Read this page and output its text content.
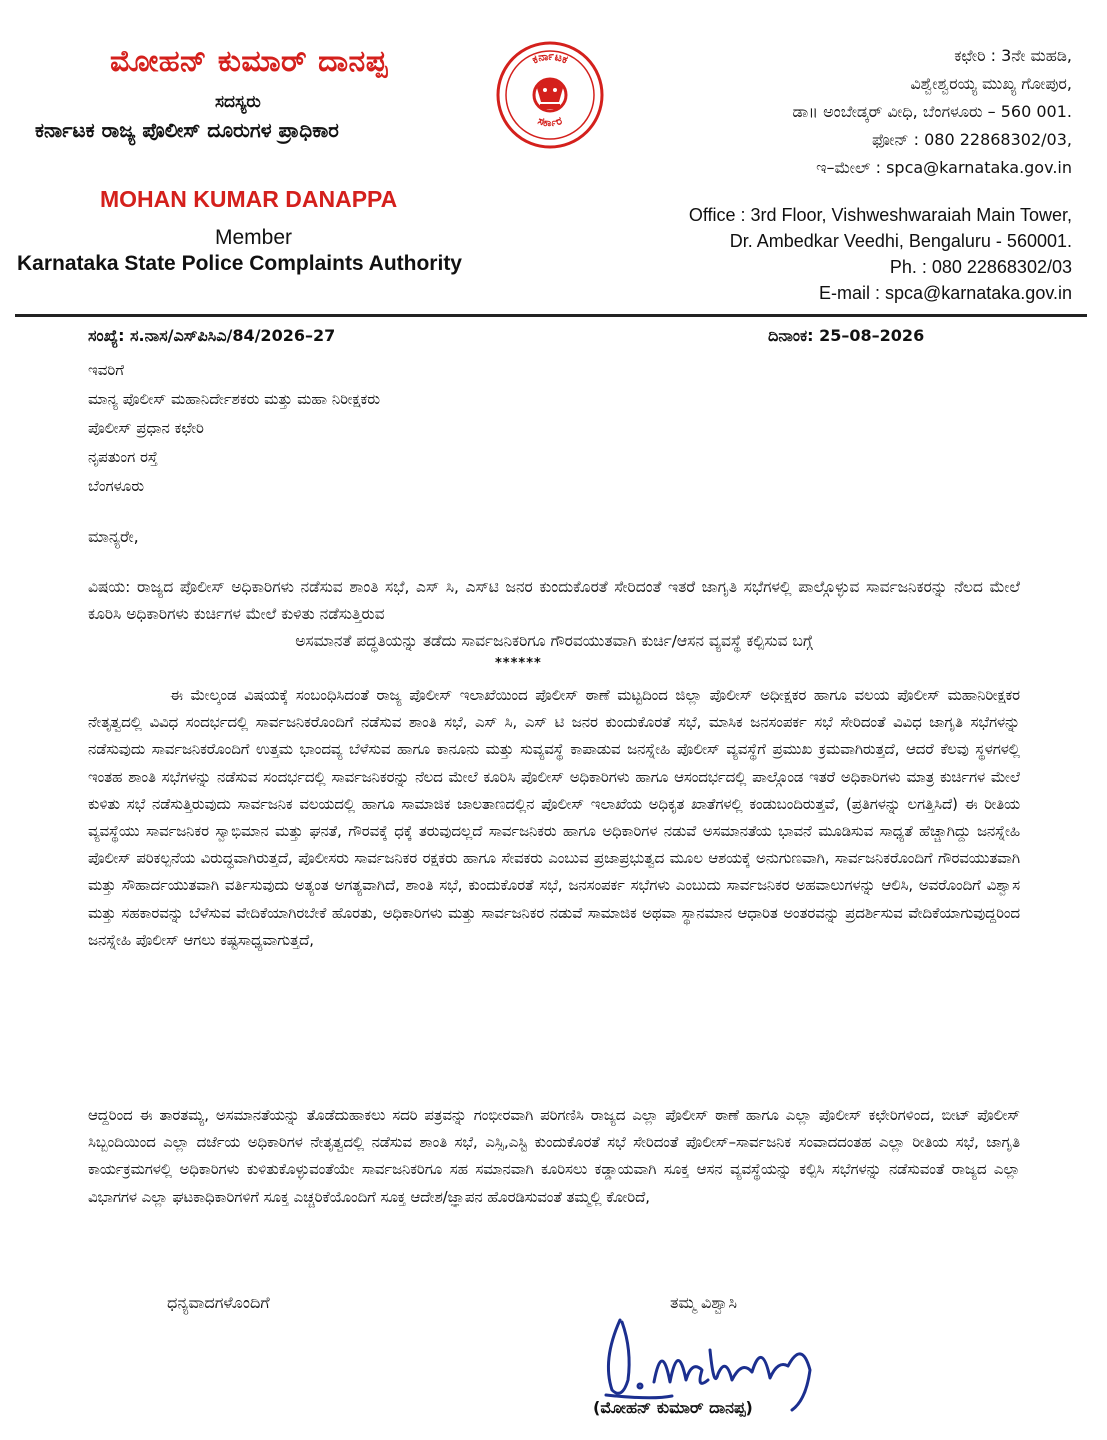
ಮೋಹನ್ ಕುಮಾರ್ ದಾನಪ್ಪ
ಸದಸ್ಯರು
ಕರ್ನಾಟಕ ರಾಜ್ಯ ಪೊಲೀಸ್ ದೂರುಗಳ ಪ್ರಾಧಿಕಾರ
MOHAN KUMAR DANAPPA
Member
Karnataka State Police Complaints Authority
ಕರ್ನಾಟಕ
ಸರ್ಕಾರ
ಕಛೇರಿ : 3ನೇ ಮಹಡಿ,
ವಿಶ್ವೇಶ್ವರಯ್ಯ ಮುಖ್ಯ ಗೋಪುರ,
ಡಾ॥ ಅಂಬೇಡ್ಕರ್ ವೀಧಿ, ಬೆಂಗಳೂರು – 560 001.
ಫೋನ್ : 080 22868302/03,
ಇ–ಮೇಲ್ : spca@karnataka.gov.in
Office : 3rd Floor, Vishweshwaraiah Main Tower,
Dr. Ambedkar Veedhi, Bengaluru - 560001.
Ph. : 080 22868302/03
E-mail : spca@karnataka.gov.in
ಸಂಖ್ಯೆ: ಸ.ನಾಸ/ಎಸ್‌ಪಿಸಿಎ/84/2026–27	ದಿನಾಂಕ: 25–08–2026
ಇವರಿಗೆ
ಮಾನ್ಯ ಪೊಲೀಸ್ ಮಹಾನಿರ್ದೇಶಕರು ಮತ್ತು ಮಹಾ ನಿರೀಕ್ಷಕರು
ಪೊಲೀಸ್ ಪ್ರಧಾನ ಕಛೇರಿ
ನೃಪತುಂಗ ರಸ್ತೆ
ಬೆಂಗಳೂರು
ಮಾನ್ಯರೇ,
ವಿಷಯ: ರಾಜ್ಯದ ಪೊಲೀಸ್ ಅಧಿಕಾರಿಗಳು ನಡೆಸುವ ಶಾಂತಿ ಸಭೆ, ಎಸ್ ಸಿ, ಎಸ್‌ಟಿ ಜನರ ಕುಂದುಕೊರತೆ ಸೇರಿದಂತೆ ಇತರೆ ಜಾಗೃತಿ ಸಭೆಗಳಲ್ಲಿ ಪಾಲ್ಗೊಳ್ಳುವ ಸಾರ್ವಜನಿಕರನ್ನು ನೆಲದ ಮೇಲೆ ಕೂರಿಸಿ ಅಧಿಕಾರಿಗಳು ಕುರ್ಚಿಗಳ ಮೇಲೆ ಕುಳಿತು ನಡೆಸುತ್ತಿರುವ
ಅಸಮಾನತೆ ಪದ್ಧತಿಯನ್ನು ತಡೆದು ಸಾರ್ವಜನಿಕರಿಗೂ ಗೌರವಯುತವಾಗಿ ಕುರ್ಚಿ/ಆಸನ ವ್ಯವಸ್ಥೆ ಕಲ್ಪಿಸುವ ಬಗ್ಗೆ
******
ಈ ಮೇಲ್ಕಂಡ ವಿಷಯಕ್ಕೆ ಸಂಬಂಧಿಸಿದಂತೆ ರಾಜ್ಯ ಪೊಲೀಸ್ ಇಲಾಖೆಯಿಂದ ಪೊಲೀಸ್ ಠಾಣೆ ಮಟ್ಟದಿಂದ ಜಿಲ್ಲಾ ಪೊಲೀಸ್ ಅಧೀಕ್ಷಕರ ಹಾಗೂ ವಲಯ ಪೊಲೀಸ್ ಮಹಾನಿರೀಕ್ಷಕರ ನೇತೃತ್ವದಲ್ಲಿ ವಿವಿಧ ಸಂದರ್ಭದಲ್ಲಿ ಸಾರ್ವಜನಿಕರೊಂದಿಗೆ ನಡೆಸುವ ಶಾಂತಿ ಸಭೆ, ಎಸ್ ಸಿ, ಎಸ್ ಟಿ ಜನರ ಕುಂದುಕೊರತೆ ಸಭೆ, ಮಾಸಿಕ ಜನಸಂಪರ್ಕ ಸಭೆ ಸೇರಿದಂತೆ ವಿವಿಧ ಜಾಗೃತಿ ಸಭೆಗಳನ್ನು ನಡೆಸುವುದು ಸಾರ್ವಜನಿಕರೊಂದಿಗೆ ಉತ್ತಮ ಭಾಂದವ್ಯ ಬೆಳೆಸುವ ಹಾಗೂ ಕಾನೂನು ಮತ್ತು ಸುವ್ಯವಸ್ಥೆ ಕಾಪಾಡುವ ಜನಸ್ನೇಹಿ ಪೊಲೀಸ್ ವ್ಯವಸ್ಥೆಗೆ ಪ್ರಮುಖ ಕ್ರಮವಾಗಿರುತ್ತದೆ, ಆದರೆ ಕೆಲವು ಸ್ಥಳಗಳಲ್ಲಿ ಇಂತಹ ಶಾಂತಿ ಸಭೆಗಳನ್ನು ನಡೆಸುವ ಸಂದರ್ಭದಲ್ಲಿ ಸಾರ್ವಜನಿಕರನ್ನು ನೆಲದ ಮೇಲೆ ಕೂರಿಸಿ ಪೊಲೀಸ್ ಅಧಿಕಾರಿಗಳು ಹಾಗೂ ಆಸಂದರ್ಭದಲ್ಲಿ ಪಾಲ್ಗೊಂಡ ಇತರೆ ಅಧಿಕಾರಿಗಳು ಮಾತ್ರ ಕುರ್ಚಿಗಳ ಮೇಲೆ ಕುಳಿತು ಸಭೆ ನಡೆಸುತ್ತಿರುವುದು ಸಾರ್ವಜನಿಕ ವಲಯದಲ್ಲಿ ಹಾಗೂ ಸಾಮಾಜಿಕ ಜಾಲತಾಣದಲ್ಲಿನ ಪೊಲೀಸ್ ಇಲಾಖೆಯ ಅಧಿಕೃತ ಖಾತೆಗಳಲ್ಲಿ ಕಂಡುಬಂದಿರುತ್ತವೆ, (ಪ್ರತಿಗಳನ್ನು ಲಗತ್ತಿಸಿದೆ) ಈ ರೀತಿಯ ವ್ಯವಸ್ಥೆಯು ಸಾರ್ವಜನಿಕರ ಸ್ವಾಭಿಮಾನ ಮತ್ತು ಘನತೆ, ಗೌರವಕ್ಕೆ ಧಕ್ಕೆ ತರುವುದಲ್ಲದೆ ಸಾರ್ವಜನಿಕರು ಹಾಗೂ ಅಧಿಕಾರಿಗಳ ನಡುವೆ ಅಸಮಾನತೆಯ ಭಾವನೆ ಮೂಡಿಸುವ ಸಾಧ್ಯತೆ ಹೆಚ್ಚಾಗಿದ್ದು ಜನಸ್ನೇಹಿ ಪೊಲೀಸ್ ಪರಿಕಲ್ಪನೆಯ ವಿರುದ್ಧವಾಗಿರುತ್ತದೆ, ಪೊಲೀಸರು ಸಾರ್ವಜನಿಕರ ರಕ್ಷಕರು ಹಾಗೂ ಸೇವಕರು ಎಂಬುವ ಪ್ರಜಾಪ್ರಭುತ್ವದ ಮೂಲ ಆಶಯಕ್ಕೆ ಅನುಗುಣವಾಗಿ, ಸಾರ್ವಜನಿಕರೊಂದಿಗೆ ಗೌರವಯುತವಾಗಿ ಮತ್ತು ಸೌಹಾರ್ದಯುತವಾಗಿ ವರ್ತಿಸುವುದು ಅತ್ಯಂತ ಅಗತ್ಯವಾಗಿದೆ, ಶಾಂತಿ ಸಭೆ, ಕುಂದುಕೊರತೆ ಸಭೆ, ಜನಸಂಪರ್ಕ ಸಭೆಗಳು ಎಂಬುದು ಸಾರ್ವಜನಿಕರ ಅಹವಾಲುಗಳನ್ನು ಆಲಿಸಿ, ಅವರೊಂದಿಗೆ ವಿಶ್ವಾಸ ಮತ್ತು ಸಹಕಾರವನ್ನು ಬೆಳೆಸುವ ವೇದಿಕೆಯಾಗಿರಬೇಕೆ ಹೊರತು, ಅಧಿಕಾರಿಗಳು ಮತ್ತು ಸಾರ್ವಜನಿಕರ ನಡುವೆ ಸಾಮಾಜಿಕ ಅಥವಾ ಸ್ಥಾನಮಾನ ಆಧಾರಿತ ಅಂತರವನ್ನು ಪ್ರದರ್ಶಿಸುವ ವೇದಿಕೆಯಾಗುವುದ್ದರಿಂದ ಜನಸ್ನೇಹಿ ಪೊಲೀಸ್ ಆಗಲು ಕಷ್ಟಸಾಧ್ಯವಾಗುತ್ತದೆ,
ಆದ್ದರಿಂದ ಈ ತಾರತಮ್ಯ, ಅಸಮಾನತೆಯನ್ನು ತೊಡೆದುಹಾಕಲು ಸದರಿ ಪತ್ರವನ್ನು ಗಂಭೀರವಾಗಿ ಪರಿಗಣಿಸಿ ರಾಜ್ಯದ ಎಲ್ಲಾ ಪೊಲೀಸ್ ಠಾಣೆ ಹಾಗೂ ಎಲ್ಲಾ ಪೊಲೀಸ್ ಕಛೇರಿಗಳಿಂದ, ಬೀಟ್ ಪೊಲೀಸ್ ಸಿಬ್ಬಂದಿಯಿಂದ ಎಲ್ಲಾ ದರ್ಜೆಯ ಅಧಿಕಾರಿಗಳ ನೇತೃತ್ವದಲ್ಲಿ ನಡೆಸುವ ಶಾಂತಿ ಸಭೆ, ಎಸ್ಸಿ,ಎಸ್ಟಿ ಕುಂದುಕೊರತೆ ಸಭೆ ಸೇರಿದಂತೆ ಪೊಲೀಸ್–ಸಾರ್ವಜನಿಕ ಸಂವಾದದಂತಹ ಎಲ್ಲಾ ರೀತಿಯ ಸಭೆ, ಜಾಗೃತಿ ಕಾರ್ಯಕ್ರಮಗಳಲ್ಲಿ ಅಧಿಕಾರಿಗಳು ಕುಳಿತುಕೊಳ್ಳುವಂತೆಯೇ ಸಾರ್ವಜನಿಕರಿಗೂ ಸಹ ಸಮಾನವಾಗಿ ಕೂರಿಸಲು ಕಡ್ಡಾಯವಾಗಿ ಸೂಕ್ತ ಆಸನ ವ್ಯವಸ್ಥೆಯನ್ನು ಕಲ್ಪಿಸಿ ಸಭೆಗಳನ್ನು ನಡೆಸುವಂತೆ ರಾಜ್ಯದ ಎಲ್ಲಾ ವಿಭಾಗಗಳ ಎಲ್ಲಾ ಘಟಕಾಧಿಕಾರಿಗಳಿಗೆ ಸೂಕ್ತ ಎಚ್ಚರಿಕೆಯೊಂದಿಗೆ ಸೂಕ್ತ ಆದೇಶ/ಜ್ಞಾಪನ ಹೊರಡಿಸುವಂತೆ ತಮ್ಮಲ್ಲಿ ಕೋರಿದೆ,
ಧನ್ಯವಾದಗಳೊಂದಿಗೆ	ತಮ್ಮ ವಿಶ್ವಾಸಿ
(ಮೋಹನ್ ಕುಮಾರ್ ದಾನಪ್ಪ)
